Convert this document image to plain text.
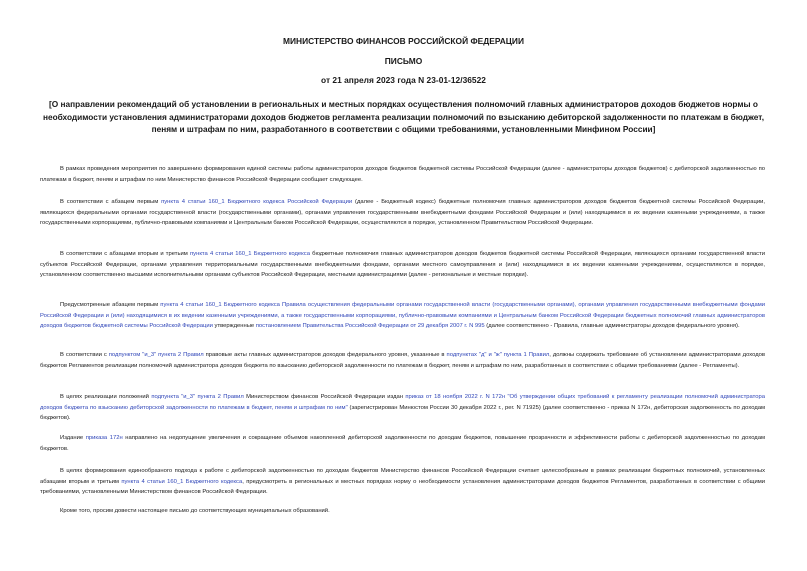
МИНИСТЕРСТВО ФИНАНСОВ РОССИЙСКОЙ ФЕДЕРАЦИИ
ПИСЬМО
от 21 апреля 2023 года N 23-01-12/36522
[О направлении рекомендаций об установлении в региональных и местных порядках осуществления полномочий главных администраторов доходов бюджетов нормы о необходимости установления администраторами доходов бюджетов регламента реализации полномочий по взысканию дебиторской задолженности по платежам в бюджет, пеням и штрафам по ним, разработанного в соответствии с общими требованиями, установленными Минфином России]
В рамках проведения мероприятия по завершению формирования единой системы работы администраторов доходов бюджетов бюджетной системы Российской Федерации (далее - администраторы доходов бюджетов) с дебиторской задолженностью по платежам в бюджет, пеням и штрафам по ним Министерство финансов Российской Федерации сообщает следующее.
В соответствии с абзацем первым пункта 4 статьи 160_1 Бюджетного кодекса Российской Федерации (далее - Бюджетный кодекс) бюджетные полномочия главных администраторов доходов бюджетов бюджетной системы Российской Федерации, являющихся федеральными органами государственной власти (государственными органами), органами управления государственными внебюджетными фондами Российской Федерации и (или) находящимися в их ведении казенными учреждениями, а также государственными корпорациями, публично-правовыми компаниями и Центральным банком Российской Федерации, осуществляются в порядке, установленном Правительством Российской Федерации.
В соответствии с абзацами вторым и третьим пункта 4 статьи 160_1 Бюджетного кодекса бюджетные полномочия главных администраторов доходов бюджетов бюджетной системы Российской Федерации, являющихся органами государственной власти субъектов Российской Федерации, органами управления территориальными государственными внебюджетными фондами, органами местного самоуправления и (или) находящимися в их ведении казенными учреждениями, осуществляются в порядке, установленном соответственно высшими исполнительными органами субъектов Российской Федерации, местными администрациями (далее - региональные и местные порядки).
Предусмотренные абзацем первым пункта 4 статьи 160_1 Бюджетного кодекса Правила осуществления федеральными органами государственной власти (государственными органами), органами управления государственными внебюджетными фондами Российской Федерации и (или) находящимися в их ведении казенными учреждениями, а также государственными корпорациями, публично-правовыми компаниями и Центральным банком Российской Федерации бюджетных полномочий главных администраторов доходов бюджетов бюджетной системы Российской Федерации утвержденные постановлением Правительства Российской Федерации от 29 декабря 2007 г. N 995 (далее соответственно - Правила, главные администраторы доходов федерального уровня).
В соответствии с подпунктом "и_3" пункта 2 Правил правовые акты главных администраторов доходов федерального уровня, указанные в подпунктах "д" и "ж" пункта 1 Правил, должны содержать требование об установлении администраторами доходов бюджетов Регламентов реализации полномочий администратора доходов бюджета по взысканию дебиторской задолженности по платежам в бюджет, пеням и штрафам по ним, разработанных в соответствии с общими требованиями (далее - Регламенты).
В целях реализации положений подпункта "и_3" пункта 2 Правил Министерством финансов Российской Федерации издан приказ от 18 ноября 2022 г. N 172н "Об утверждении общих требований к регламенту реализации полномочий администратора доходов бюджета по взысканию дебиторской задолженности по платежам в бюджет, пеням и штрафам по ним" (зарегистрирован Минюстом России 30 декабря 2022 г., рег. N 71925) (далее соответственно - приказ N 172н, дебиторская задолженность по доходам бюджетов).
Издание приказа 172н направлено на недопущение увеличения и сокращение объемов накопленной дебиторской задолженности по доходам бюджетов, повышение прозрачности и эффективности работы с дебиторской задолженностью по доходам бюджетов.
В целях формирования единообразного подхода к работе с дебиторской задолженностью по доходам бюджетов Министерство финансов Российской Федерации считает целесообразным в рамках реализации бюджетных полномочий, установленных абзацами вторым и третьим пункта 4 статьи 160_1 Бюджетного кодекса, предусмотреть в региональных и местных порядках норму о необходимости установления администраторами доходов бюджетов Регламентов, разработанных в соответствии с общими требованиями, установленными Министерством финансов Российской Федерации.
Кроме того, просим довести настоящее письмо до соответствующих муниципальных образований.
